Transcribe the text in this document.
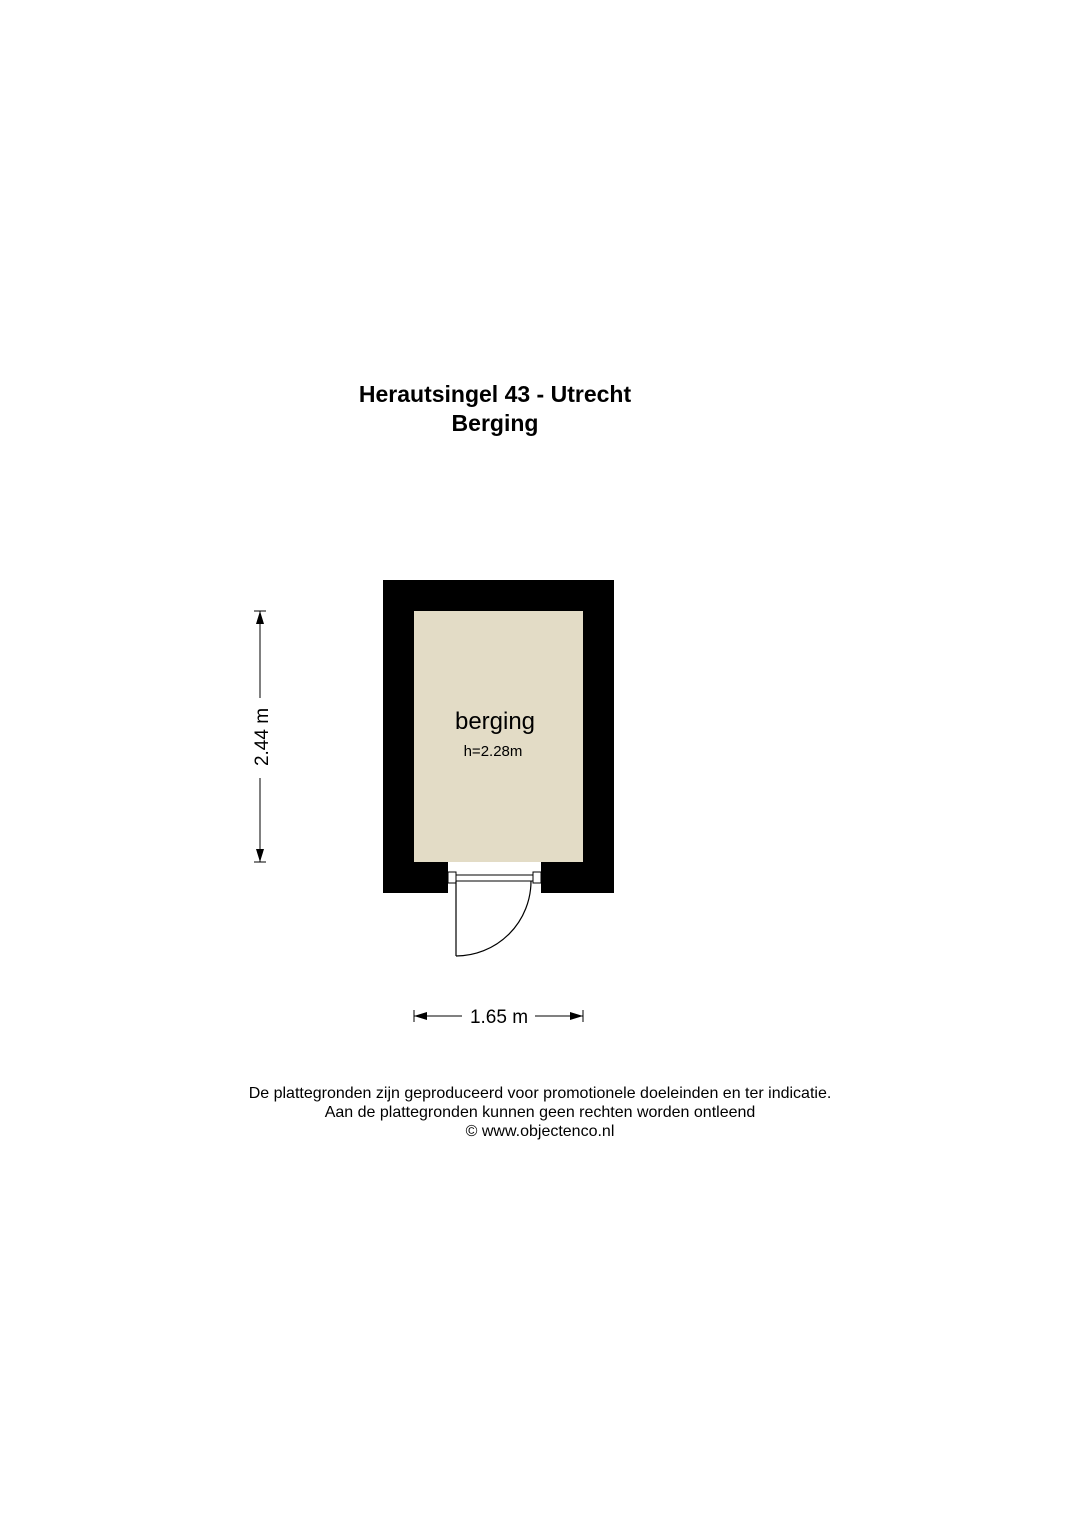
Herautsingel 43 - Utrecht
Berging
berging
h=2.28m
2.44 m
1.65 m
De plattegronden zijn geproduceerd voor promotionele doeleinden en ter indicatie.
Aan de plattegronden kunnen geen rechten worden ontleend
© www.objectenco.nl
